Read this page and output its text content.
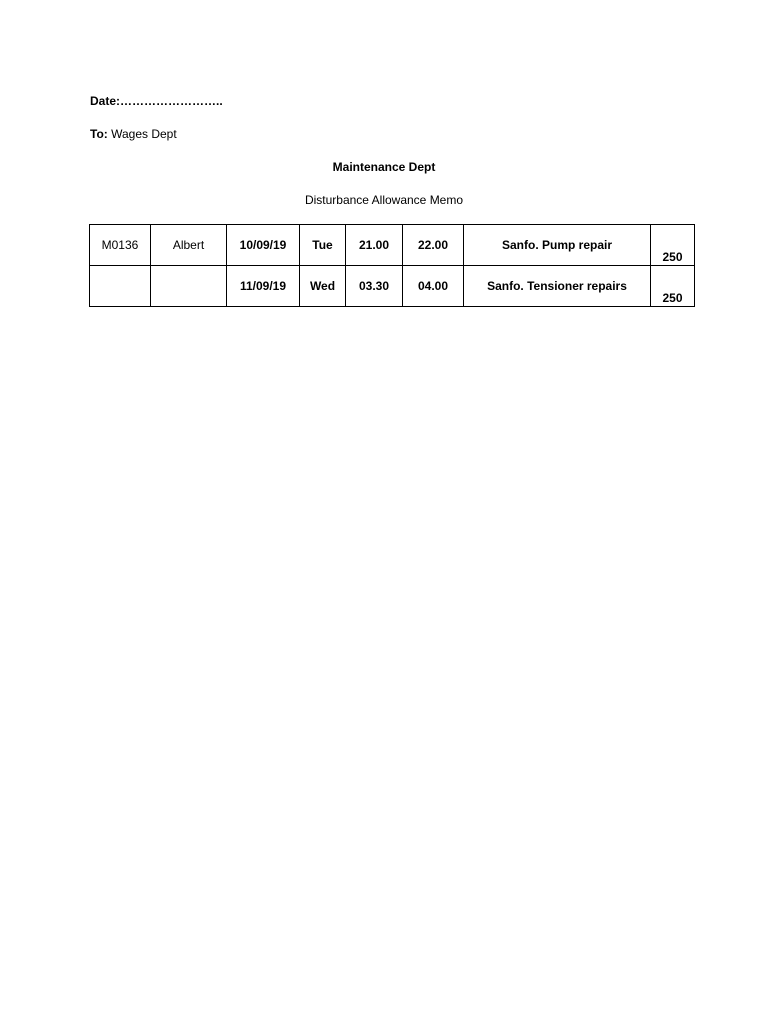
Date:……………………..
To: Wages Dept
Maintenance Dept
Disturbance Allowance Memo
M0136	Albert	10/09/19	Tue	21.00	22.00	Sanfo. Pump repair	250

		11/09/19	Wed	03.30	04.00	Sanfo. Tensioner repairs	250
